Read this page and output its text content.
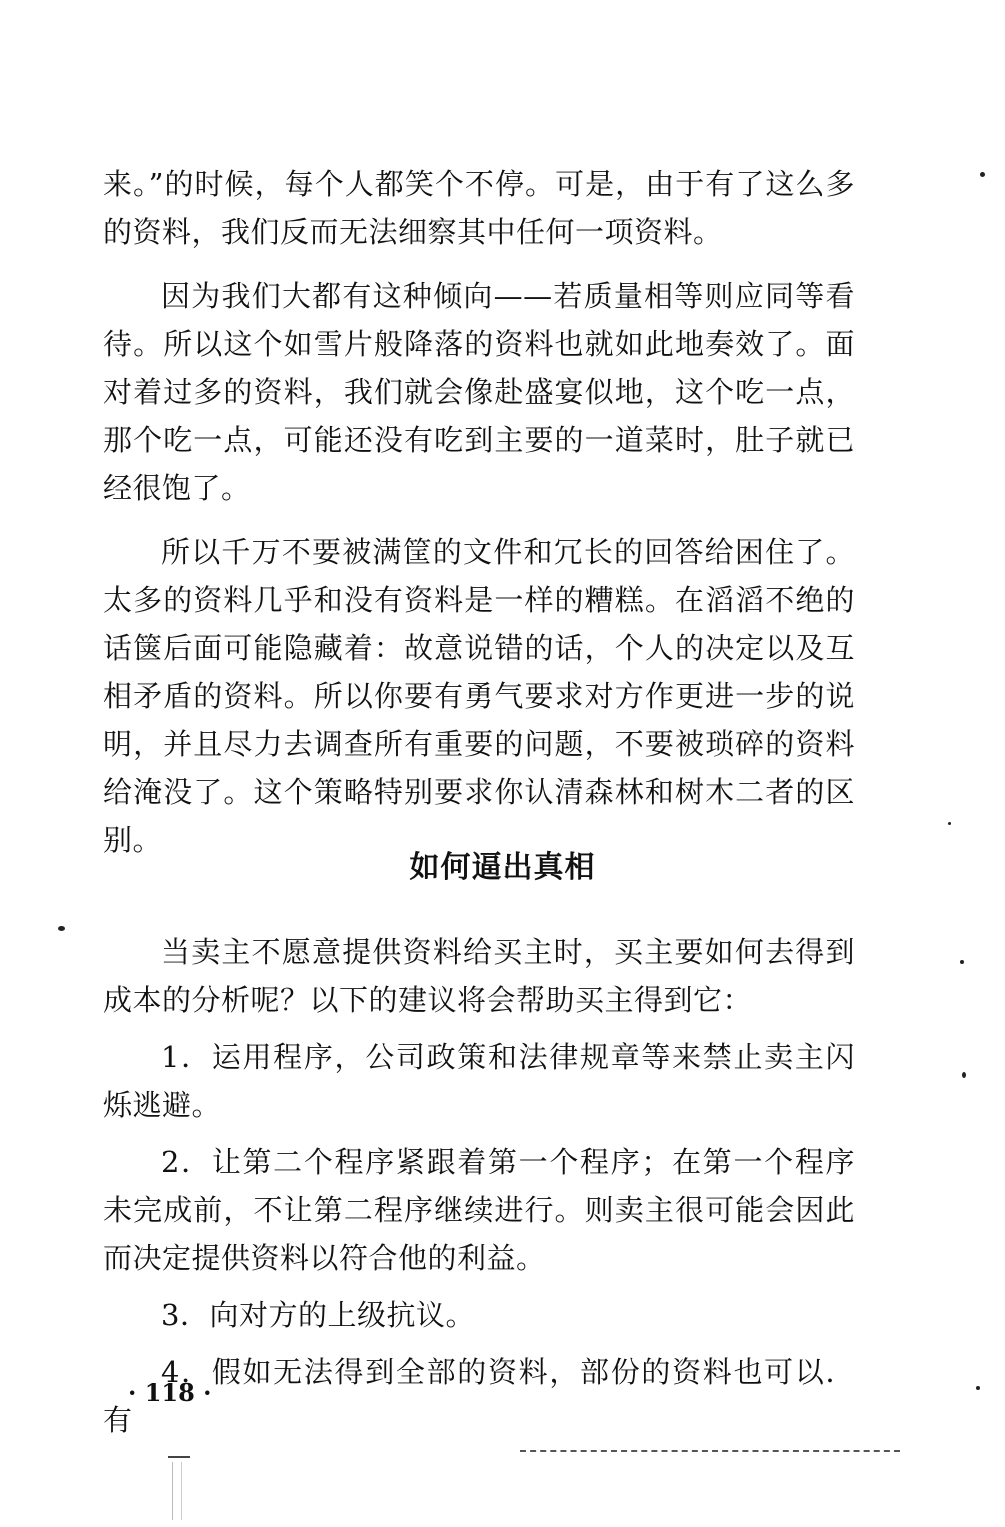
来。”的时候，每个人都笑个不停。可是，由于有了这么多的资料，我们反而无法细察其中任何一项资料。

因为我们大都有这种倾向——若质量相等则应同等看待。所以这个如雪片般降落的资料也就如此地奏效了。面对着过多的资料，我们就会像赴盛宴似地，这个吃一点，那个吃一点，可能还没有吃到主要的一道菜时，肚子就已经很饱了。

所以千万不要被满筐的文件和冗长的回答给困住了。太多的资料几乎和没有资料是一样的糟糕。在滔滔不绝的话箧后面可能隐藏着：故意说错的话，个人的决定以及互相矛盾的资料。所以你要有勇气要求对方作更进一步的说明，并且尽力去调查所有重要的问题，不要被琐碎的资料给淹没了。这个策略特别要求你认清森林和树木二者的区别。

如何逼出真相

当卖主不愿意提供资料给买主时，买主要如何去得到成本的分析呢？以下的建议将会帮助买主得到它：

1．运用程序，公司政策和法律规章等来禁止卖主闪烁逃避。

2．让第二个程序紧跟着第一个程序；在第一个程序未完成前，不让第二程序继续进行。则卖主很可能会因此而决定提供资料以符合他的利益。

3．向对方的上级抗议。

4．假如无法得到全部的资料，部份的资料也可以．有

· 118 ·
